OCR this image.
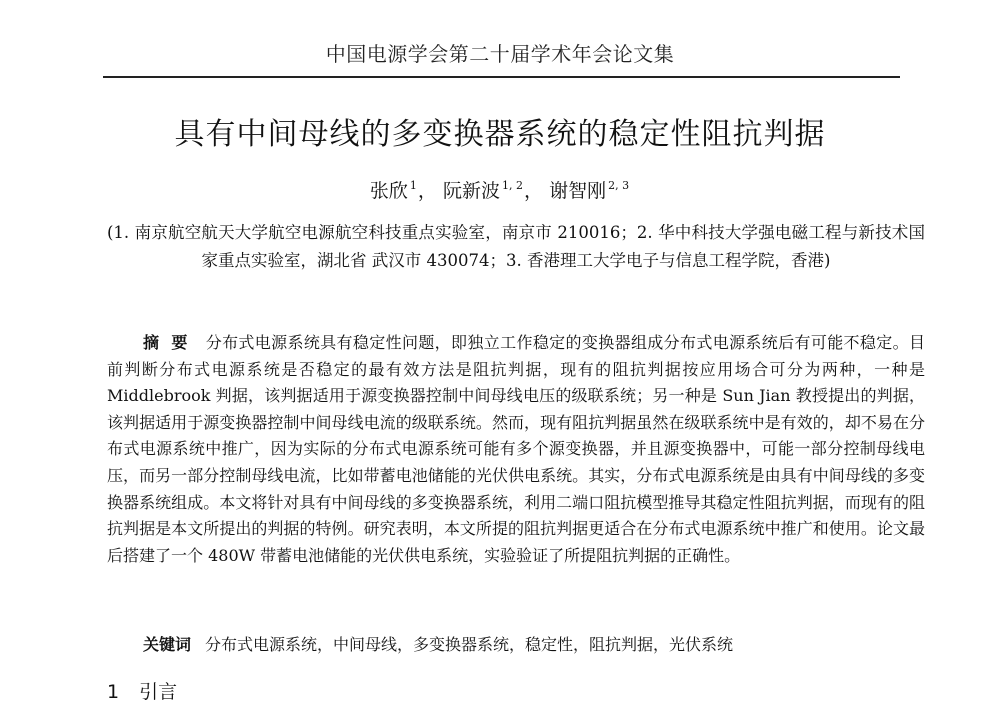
中国电源学会第二十届学术年会论文集
具有中间母线的多变换器系统的稳定性阻抗判据
张欣 $^1$， 阮新波 $^{1, 2}$， 谢智刚 $^{2, 3}$
(1. 南京航空航天大学航空电源航空科技重点实验室，南京市 210016；2. 华中科技大学强电磁工程与新技术国家重点实验室，湖北省 武汉市 430074；3. 香港理工大学电子与信息工程学院，香港)
摘要 分布式电源系统具有稳定性问题，即独立工作稳定的变换器组成分布式电源系统后有可能不稳定。目前判断分布式电源系统是否稳定的最有效方法是阻抗判据，现有的阻抗判据按应用场合可分为两种，一种是 Middlebrook 判据，该判据适用于源变换器控制中间母线电压的级联系统；另一种是 Sun Jian 教授提出的判据，该判据适用于源变换器控制中间母线电流的级联系统。然而，现有阻抗判据虽然在级联系统中是有效的，却不易在分布式电源系统中推广，因为实际的分布式电源系统可能有多个源变换器，并且源变换器中，可能一部分控制母线电压，而另一部分控制母线电流，比如带蓄电池储能的光伏供电系统。其实，分布式电源系统是由具有中间母线的多变换器系统组成。本文将针对具有中间母线的多变换器系统，利用二端口阻抗模型推导其稳定性阻抗判据，而现有的阻抗判据是本文所提出的判据的特例。研究表明，本文所提的阻抗判据更适合在分布式电源系统中推广和使用。论文最后搭建了一个 480W 带蓄电池储能的光伏供电系统，实验验证了所提阻抗判据的正确性。
关键词 分布式电源系统，中间母线，多变换器系统，稳定性，阻抗判据，光伏系统
1 引言
